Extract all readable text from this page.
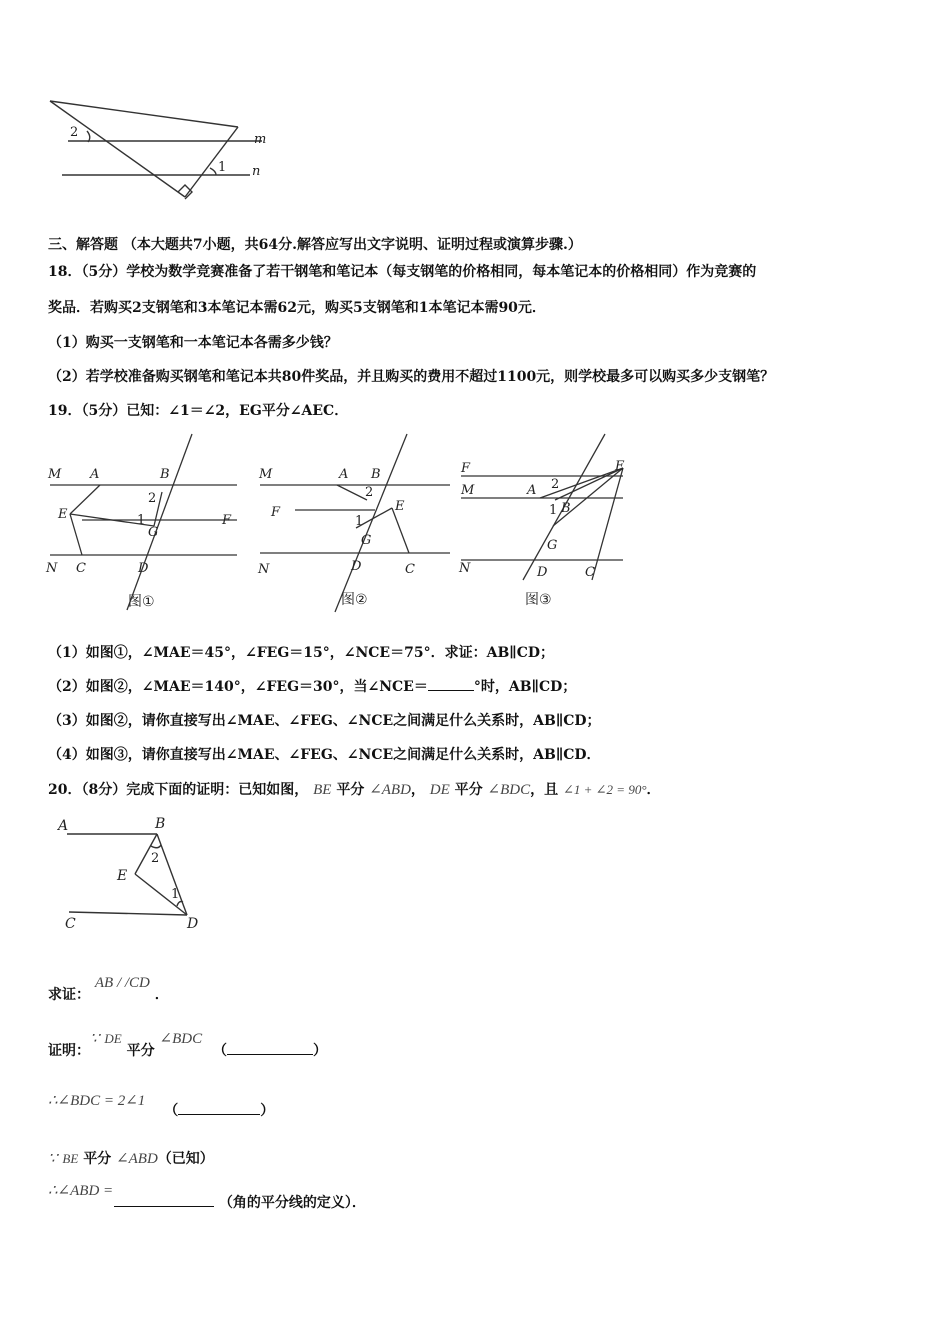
2	m
1 n
三、解答题 （本大题共7小题，共64分.解答应写出文字说明、证明过程或演算步骤.）
18．（5分）学校为数学竞赛准备了若干钢笔和笔记本（每支钢笔的价格相同，每本笔记本的价格相同）作为竞赛的
奖品．若购买2支钢笔和3本笔记本需62元，购买5支钢笔和1本笔记本需90元．
（1）购买一支钢笔和一本笔记本各需多少钱？
（2）若学校准备购买钢笔和笔记本共80件奖品，并且购买的费用不超过1100元，则学校最多可以购买多少支钢笔？
19．（5分）已知：∠1＝∠2，EG平分∠AEC．
M A	B
2
E	1
G
F
N C	D
图①
M	A B
2
E
F
1
G
N	D	C
图②
F	E
M	A 2
1 B
G
N	D	C
图③
（1）如图①，∠MAE＝45°，∠FEG＝15°，∠NCE＝75°．求证：AB∥CD；
（2）如图②，∠MAE＝140°，∠FEG＝30°，当∠NCE＝	°时，AB∥CD；
（3）如图②，请你直接写出∠MAE、∠FEG、∠NCE之间满足什么关系时，AB∥CD；
（4）如图③，请你直接写出∠MAE、∠FEG、∠NCE之间满足什么关系时，AB∥CD．
20．（8分）完成下面的证明：已知如图， BE 平分 ∠ABD， DE 平分 ∠BDC，且 ∠1 + ∠2 = 90°．
A	B
2
E
1
C	D
求证： AB / /CD ．
证明：∵ DE 平分 ∠BDC （	）
∴∠BDC = 2∠1 （	）
∵ BE 平分 ∠ABD（已知）
∴∠ABD =  （角的平分线的定义）．
